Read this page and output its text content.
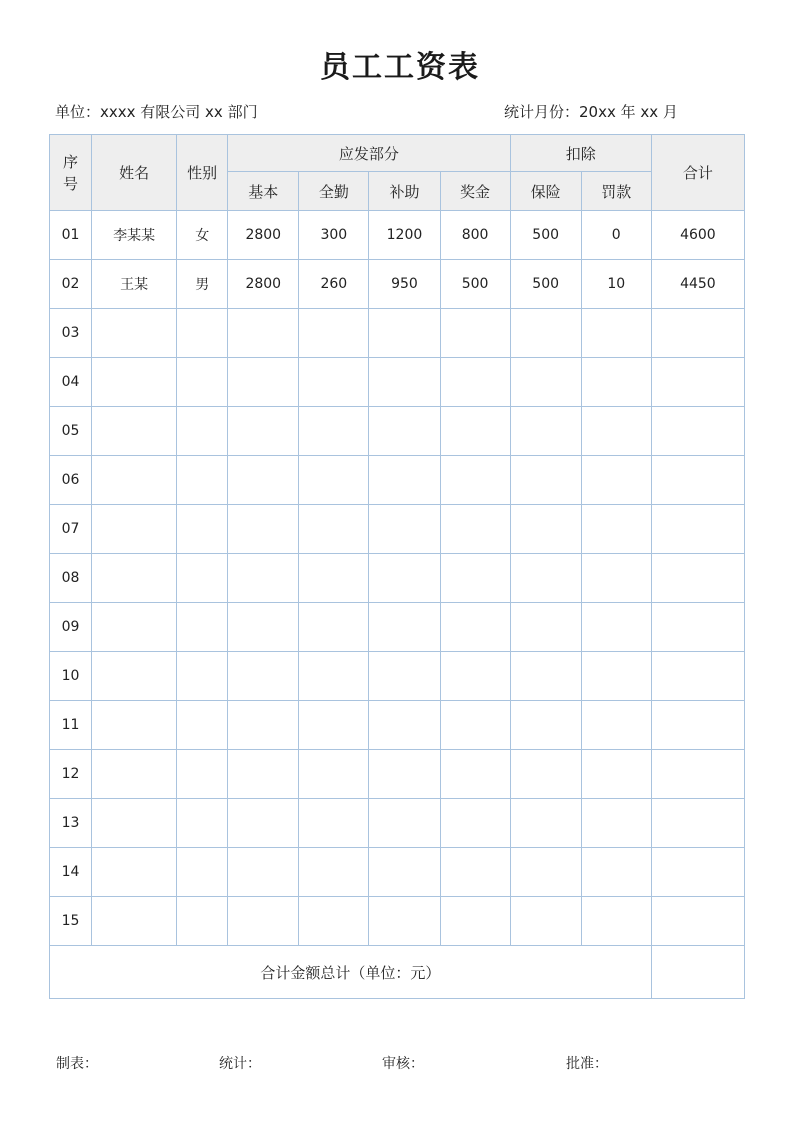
员工工资表
单位：xxxx 有限公司 xx 部门	统计月份：20xx 年 xx 月
序
号	姓名	性别	应发部分				扣除		合计
			基本	全勤	补助	奖金	保险	罚款	
01	李某某	女	2800	300	1200	800	500	0	4600
02	王某	男	2800	260	950	500	500	10	4450
03									
04									
05									
06									
07									
08									
09									
10									
11									
12									
13									
14									
15									
合计金额总计（单位：元）									
制表：	统计：	审核：	批准：
